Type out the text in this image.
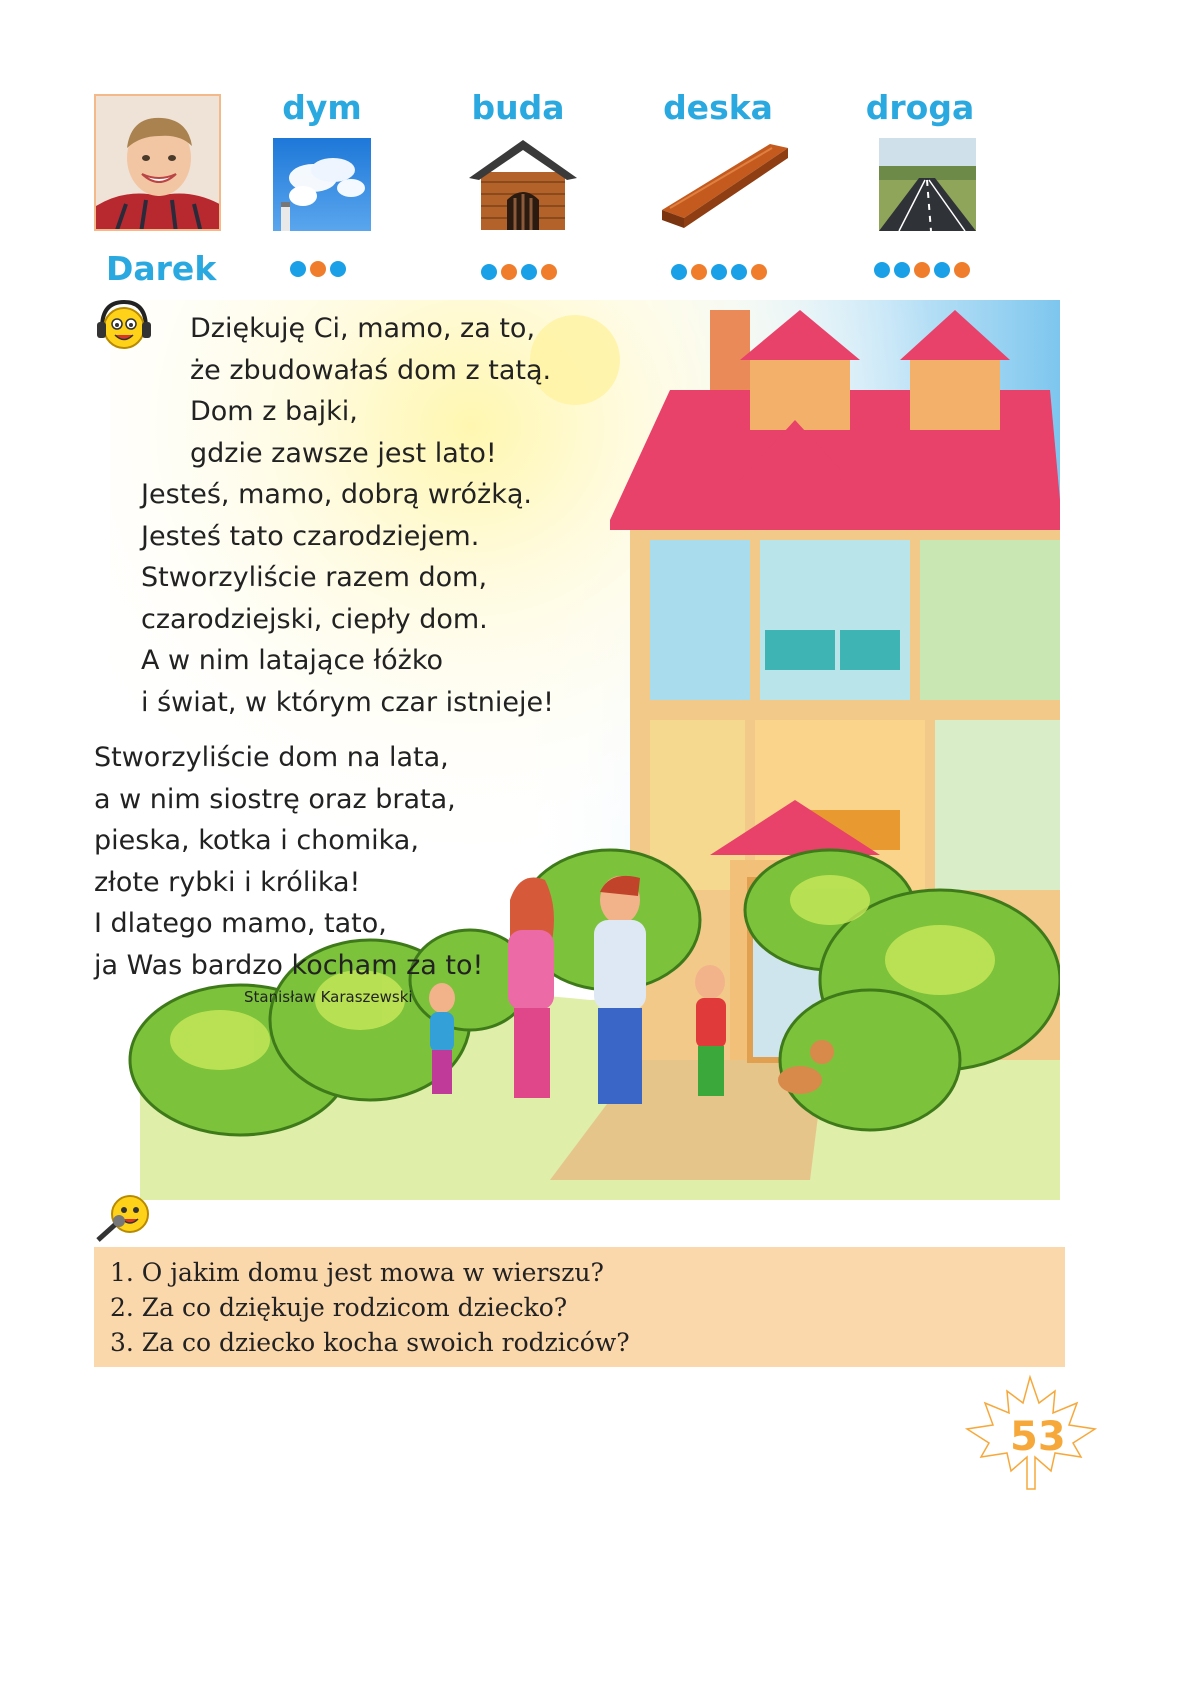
dym	buda	deska	droga
Darek
Dziękuję Ci, mamo, za to,
że zbudowałaś dom z tatą.
Dom z bajki,
gdzie zawsze jest lato!
Jesteś, mamo, dobrą wróżką.
Jesteś tato czarodziejem.
Stworzyliście razem dom,
czarodziejski, ciepły dom.
A w nim latające łóżko
i świat, w którym czar istnieje!
Stworzyliście dom na lata,
a w nim siostrę oraz brata,
pieska, kotka i chomika,
złote rybki i królika!
I dlatego mamo, tato,
ja Was bardzo kocham za to!
Stanisław Karaszewski
1. O jakim domu jest mowa w wierszu?
2. Za co dziękuje rodzicom dziecko?
3. Za co dziecko kocha swoich rodziców?
53
